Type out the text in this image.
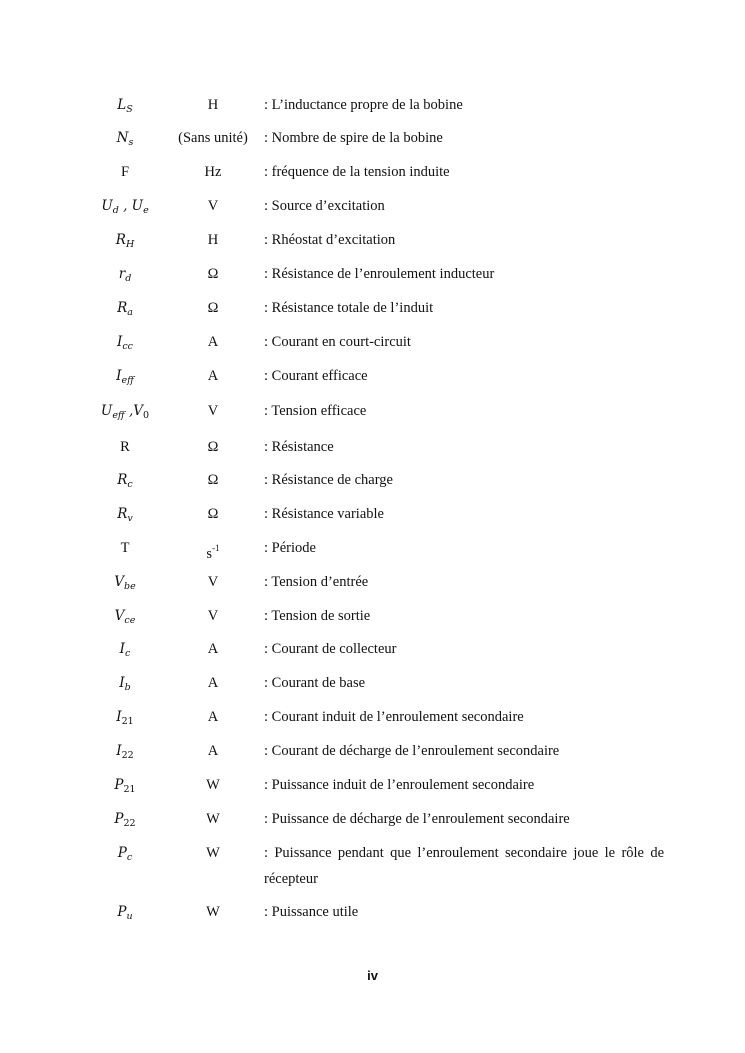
$L_S$	H	: L’inductance propre de la bobine
$N_s$	(Sans unité)	: Nombre de spire de la bobine
F	Hz	: fréquence de la tension induite
$U_d$ , $U_e$	V	: Source d’excitation
$R_H$	H	: Rhéostat d’excitation
$r_d$	Ω	: Résistance de l’enroulement inducteur
$R_a$	Ω	: Résistance totale de l’induit
$I_{cc}$	A	: Courant en court-circuit
$I_{eff}$	A	: Courant efficace
$U_{eff}$ $,V_0$	V	: Tension efficace
R	Ω	: Résistance
$R_c$	Ω	: Résistance de charge
$R_v$	Ω	: Résistance variable
T	$s^{-1}$	: Période
$V_{be}$	V	: Tension d’entrée
$V_{ce}$	V	: Tension de sortie
$I_c$	A	: Courant de collecteur
$I_b$	A	: Courant de base
$I_{21}$	A	: Courant induit de l’enroulement secondaire
$I_{22}$	A	: Courant de décharge de l’enroulement secondaire
$P_{21}$	W	: Puissance induit de l’enroulement secondaire
$P_{22}$	W	: Puissance de décharge de l’enroulement secondaire
$P_c$	W	: Puissance pendant que l’enroulement secondaire joue le rôle de récepteur
$P_u$	W	: Puissance utile
iv
